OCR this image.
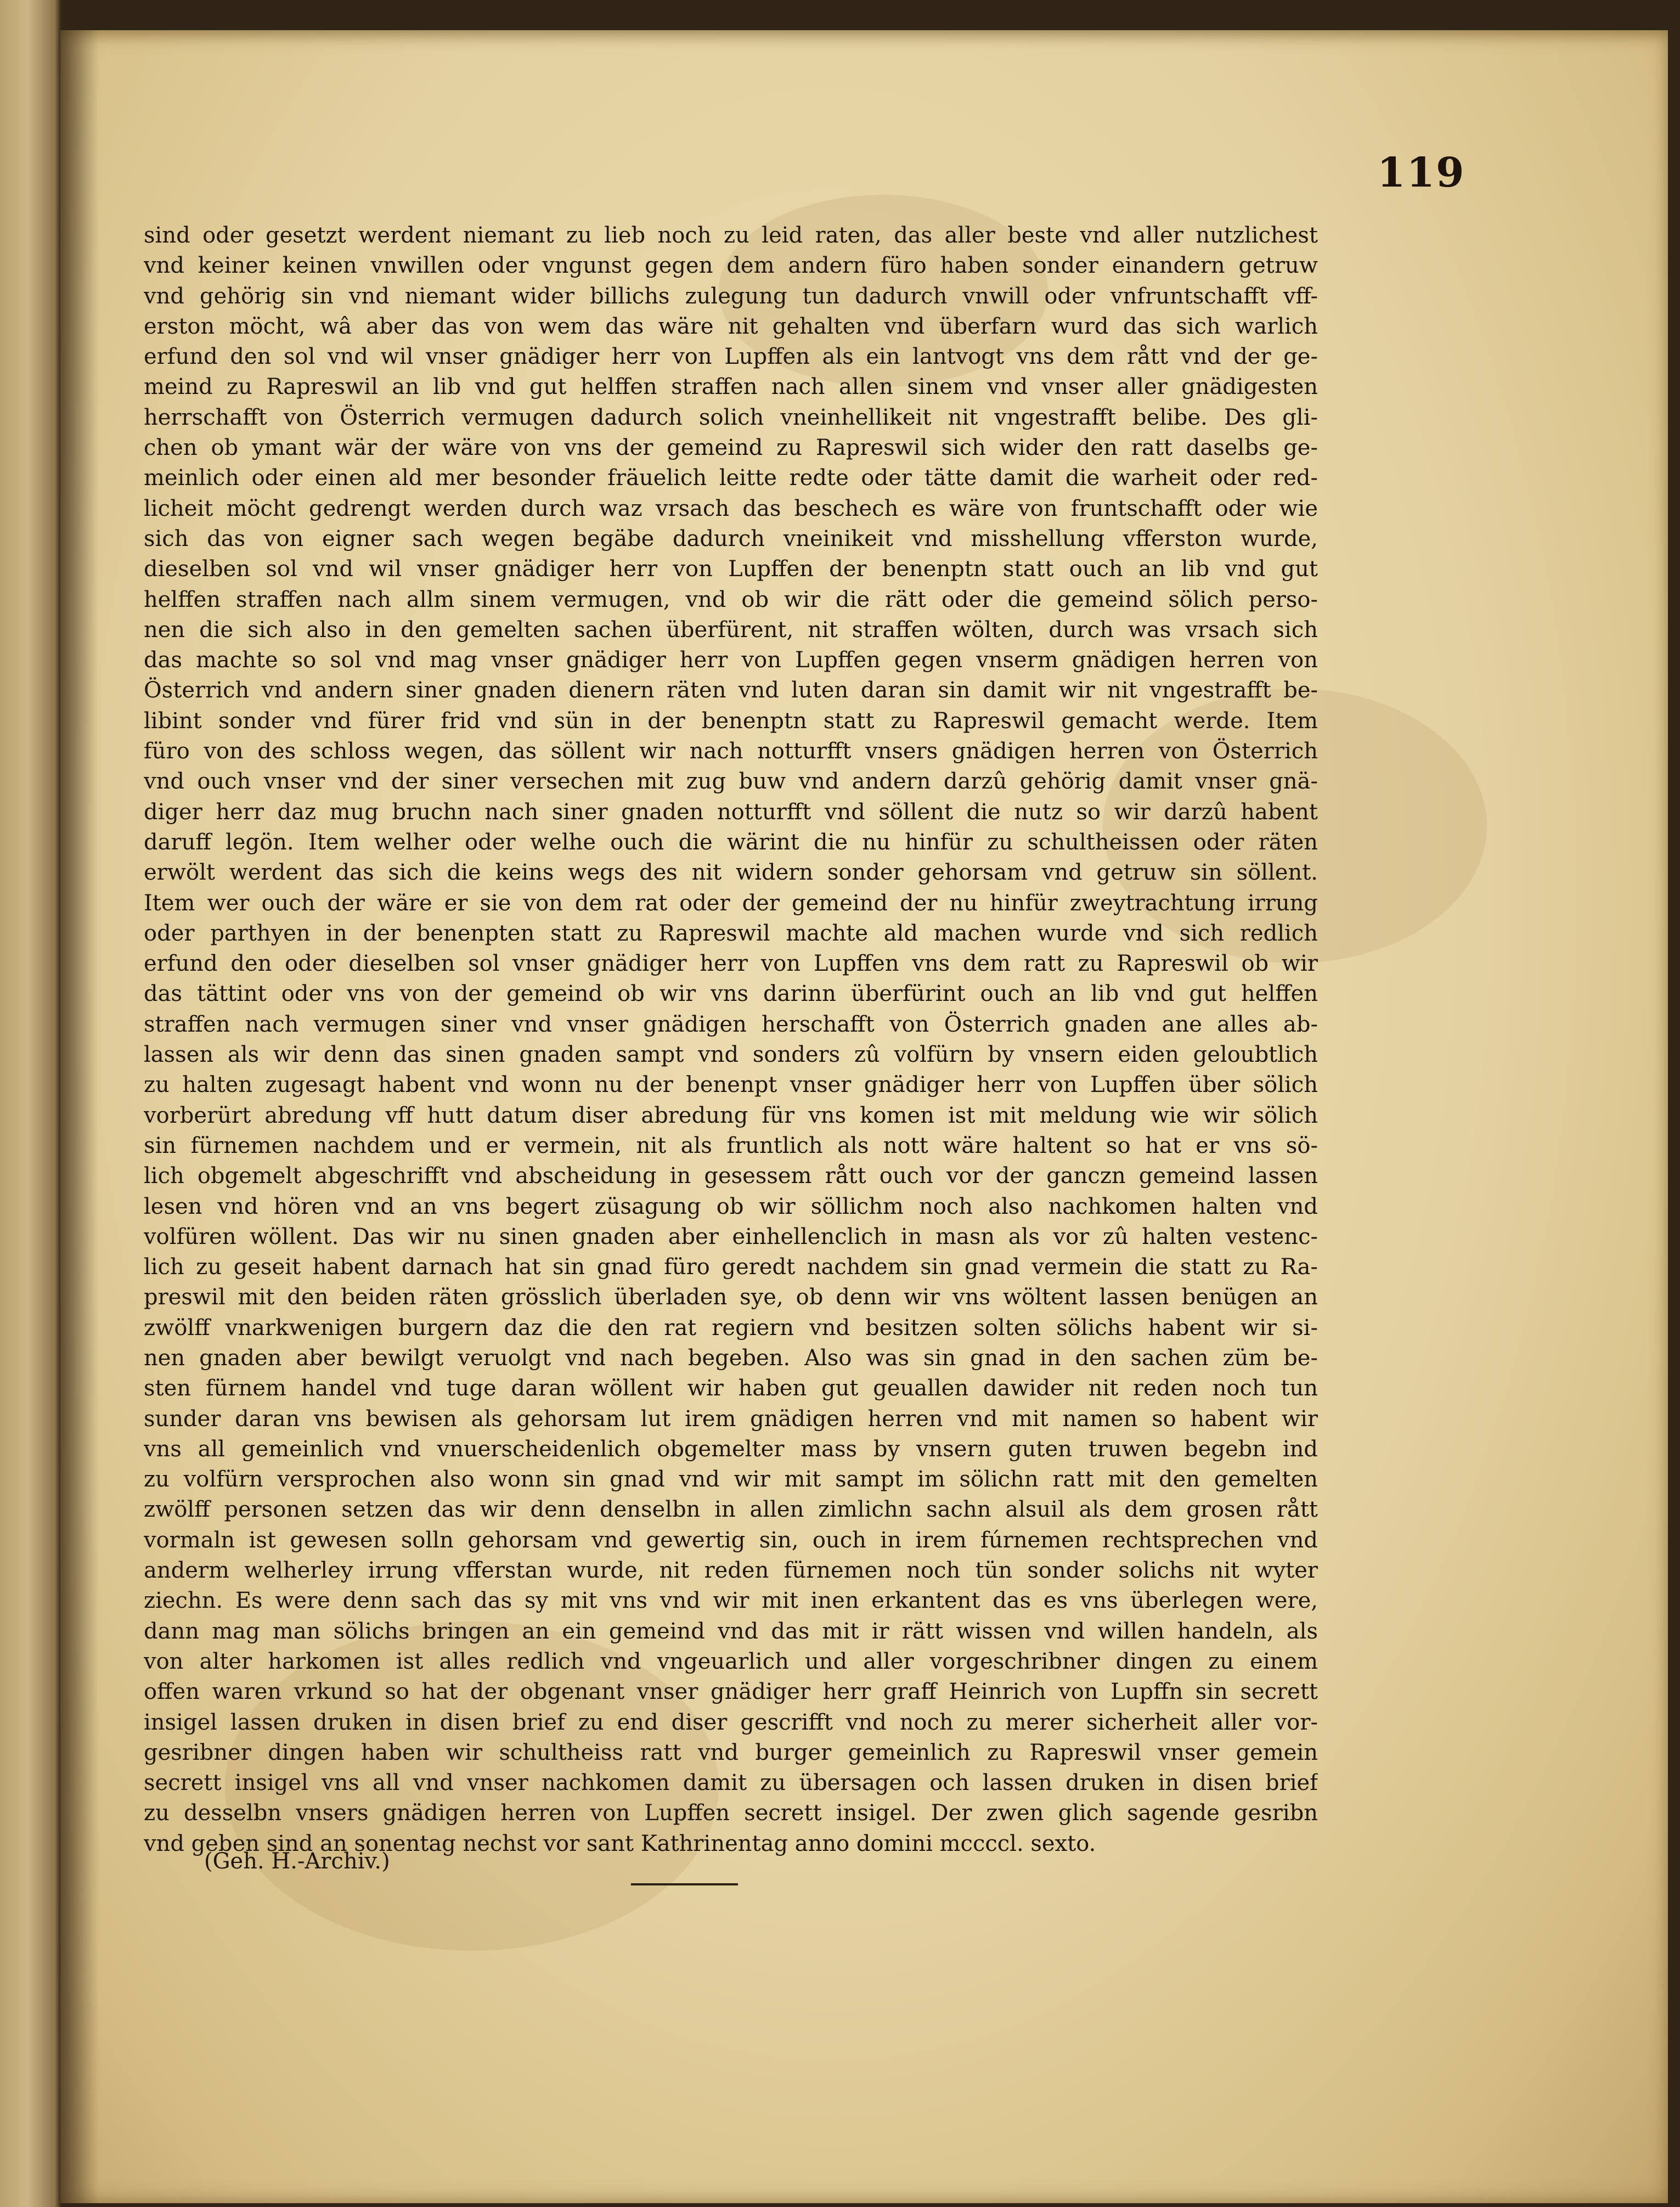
119
sind oder gesetzt werdent niemant zu lieb noch zu leid raten, das aller beste vnd aller nutzlichest
vnd keiner keinen vnwillen oder vngunst gegen dem andern füro haben sonder einandern getruw
vnd gehörig sin vnd niemant wider billichs zulegung tun dadurch vnwill oder vnfruntschafft vff-
erston möcht, wâ aber das von wem das wäre nit gehalten vnd überfarn wurd das sich warlich
erfund den sol vnd wil vnser gnädiger herr von Lupffen als ein lantvogt vns dem rått vnd der ge-
meind zu Rapreswil an lib vnd gut helffen straffen nach allen sinem vnd vnser aller gnädigesten
herrschafft von Österrich vermugen dadurch solich vneinhellikeit nit vngestrafft belibe. Des gli-
chen ob ymant wär der wäre von vns der gemeind zu Rapreswil sich wider den ratt daselbs ge-
meinlich oder einen ald mer besonder fräuelich leitte redte oder tätte damit die warheit oder red-
licheit möcht gedrengt werden durch waz vrsach das beschech es wäre von fruntschafft oder wie
sich das von eigner sach wegen begäbe dadurch vneinikeit vnd misshellung vfferston wurde,
dieselben sol vnd wil vnser gnädiger herr von Lupffen der benenptn statt ouch an lib vnd gut
helffen straffen nach allm sinem vermugen, vnd ob wir die rätt oder die gemeind sölich perso-
nen die sich also in den gemelten sachen überfürent, nit straffen wölten, durch was vrsach sich
das machte so sol vnd mag vnser gnädiger herr von Lupffen gegen vnserm gnädigen herren von
Österrich vnd andern siner gnaden dienern räten vnd luten daran sin damit wir nit vngestrafft be-
libint sonder vnd fürer frid vnd sün in der benenptn statt zu Rapreswil gemacht werde. Item
füro von des schloss wegen, das söllent wir nach notturfft vnsers gnädigen herren von Österrich
vnd ouch vnser vnd der siner versechen mit zug buw vnd andern darzû gehörig damit vnser gnä-
diger herr daz mug bruchn nach siner gnaden notturfft vnd söllent die nutz so wir darzû habent
daruff legön. Item welher oder welhe ouch die wärint die nu hinfür zu schultheissen oder räten
erwölt werdent das sich die keins wegs des nit widern sonder gehorsam vnd getruw sin söllent.
Item wer ouch der wäre er sie von dem rat oder der gemeind der nu hinfür zweytrachtung irrung
oder parthyen in der benenpten statt zu Rapreswil machte ald machen wurde vnd sich redlich
erfund den oder dieselben sol vnser gnädiger herr von Lupffen vns dem ratt zu Rapreswil ob wir
das tättint oder vns von der gemeind ob wir vns darinn überfürint ouch an lib vnd gut helffen
straffen nach vermugen siner vnd vnser gnädigen herschafft von Österrich gnaden ane alles ab-
lassen als wir denn das sinen gnaden sampt vnd sonders zû volfürn by vnsern eiden geloubtlich
zu halten zugesagt habent vnd wonn nu der benenpt vnser gnädiger herr von Lupffen über sölich
vorberürt abredung vff hutt datum diser abredung für vns komen ist mit meldung wie wir sölich
sin fürnemen nachdem und er vermein, nit als fruntlich als nott wäre haltent so hat er vns sö-
lich obgemelt abgeschrifft vnd abscheidung in gesessem rått ouch vor der ganczn gemeind lassen
lesen vnd hören vnd an vns begert züsagung ob wir söllichm noch also nachkomen halten vnd
volfüren wöllent. Das wir nu sinen gnaden aber einhellenclich in masn als vor zû halten vestenc-
lich zu geseit habent darnach hat sin gnad füro geredt nachdem sin gnad vermein die statt zu Ra-
preswil mit den beiden räten grösslich überladen sye, ob denn wir vns wöltent lassen benügen an
zwölff vnarkwenigen burgern daz die den rat regiern vnd besitzen solten sölichs habent wir si-
nen gnaden aber bewilgt veruolgt vnd nach begeben. Also was sin gnad in den sachen züm be-
sten fürnem handel vnd tuge daran wöllent wir haben gut geuallen dawider nit reden noch tun
sunder daran vns bewisen als gehorsam lut irem gnädigen herren vnd mit namen so habent wir
vns all gemeinlich vnd vnuerscheidenlich obgemelter mass by vnsern guten truwen begebn ind
zu volfürn versprochen also wonn sin gnad vnd wir mit sampt im sölichn ratt mit den gemelten
zwölff personen setzen das wir denn denselbn in allen zimlichn sachn alsuil als dem grosen rått
vormaln ist gewesen solln gehorsam vnd gewertig sin, ouch in irem fúrnemen rechtsprechen vnd
anderm welherley irrung vfferstan wurde, nit reden fürnemen noch tün sonder solichs nit wyter
ziechn. Es were denn sach das sy mit vns vnd wir mit inen erkantent das es vns überlegen were,
dann mag man sölichs bringen an ein gemeind vnd das mit ir rätt wissen vnd willen handeln, als
von alter harkomen ist alles redlich vnd vngeuarlich und aller vorgeschribner dingen zu einem
offen waren vrkund so hat der obgenant vnser gnädiger herr graff Heinrich von Lupffn sin secrett
insigel lassen druken in disen brief zu end diser gescrifft vnd noch zu merer sicherheit aller vor-
gesribner dingen haben wir schultheiss ratt vnd burger gemeinlich zu Rapreswil vnser gemein
secrett insigel vns all vnd vnser nachkomen damit zu übersagen och lassen druken in disen brief
zu desselbn vnsers gnädigen herren von Lupffen secrett insigel. Der zwen glich sagende gesribn
vnd geben sind an sonentag nechst vor sant Kathrinentag anno domini mccccl. sexto.
(Geh. H.-Archiv.)
